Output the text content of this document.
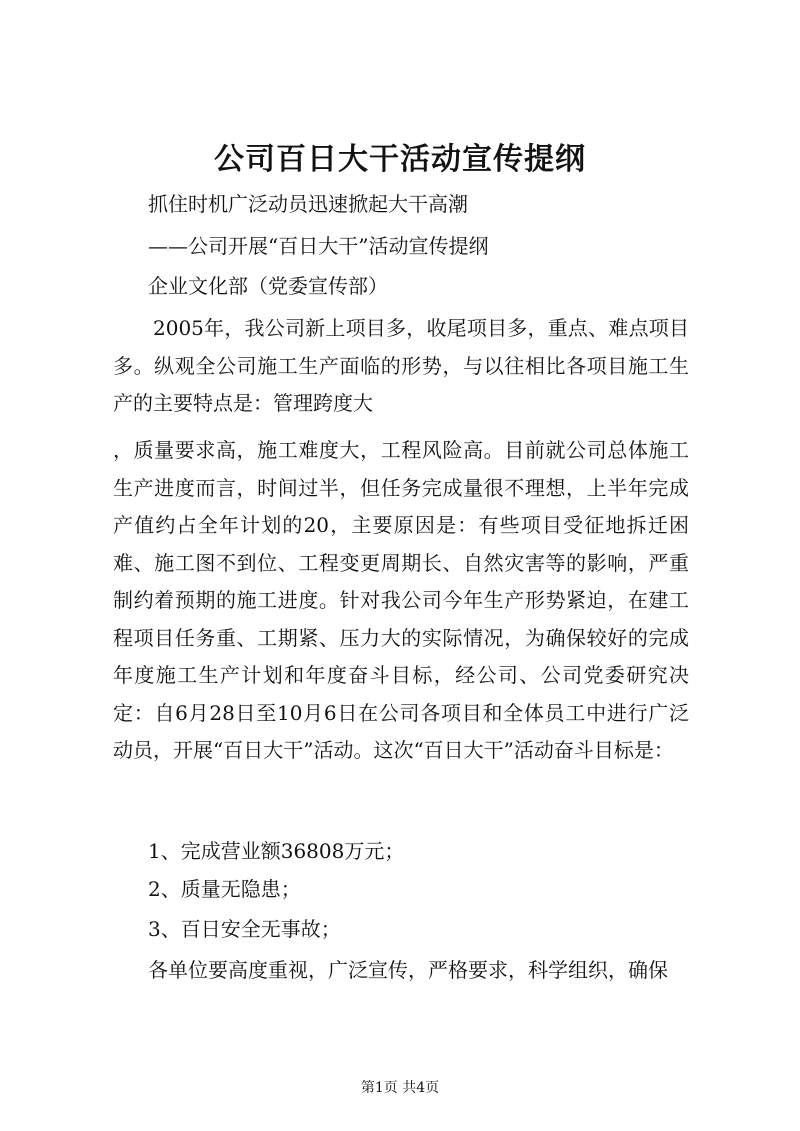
公司百日大干活动宣传提纲

抓住时机广泛动员迅速掀起大干高潮

——公司开展“百日大干”活动宣传提纲

企业文化部（党委宣传部）

2005年，我公司新上项目多，收尾项目多，重点、难点项目多。纵观全公司施工生产面临的形势，与以往相比各项目施工生产的主要特点是：管理跨度大

，质量要求高，施工难度大，工程风险高。目前就公司总体施工生产进度而言，时间过半，但任务完成量很不理想，上半年完成产值约占全年计划的20，主要原因是：有些项目受征地拆迁困难、施工图不到位、工程变更周期长、自然灾害等的影响，严重制约着预期的施工进度。针对我公司今年生产形势紧迫，在建工程项目任务重、工期紧、压力大的实际情况，为确保较好的完成年度施工生产计划和年度奋斗目标，经公司、公司党委研究决定：自6月28日至10月6日在公司各项目和全体员工中进行广泛动员，开展“百日大干”活动。这次“百日大干”活动奋斗目标是：

1、完成营业额36808万元；

2、质量无隐患；

3、百日安全无事故；

各单位要高度重视，广泛宣传，严格要求，科学组织，确保

第1页 共4页
